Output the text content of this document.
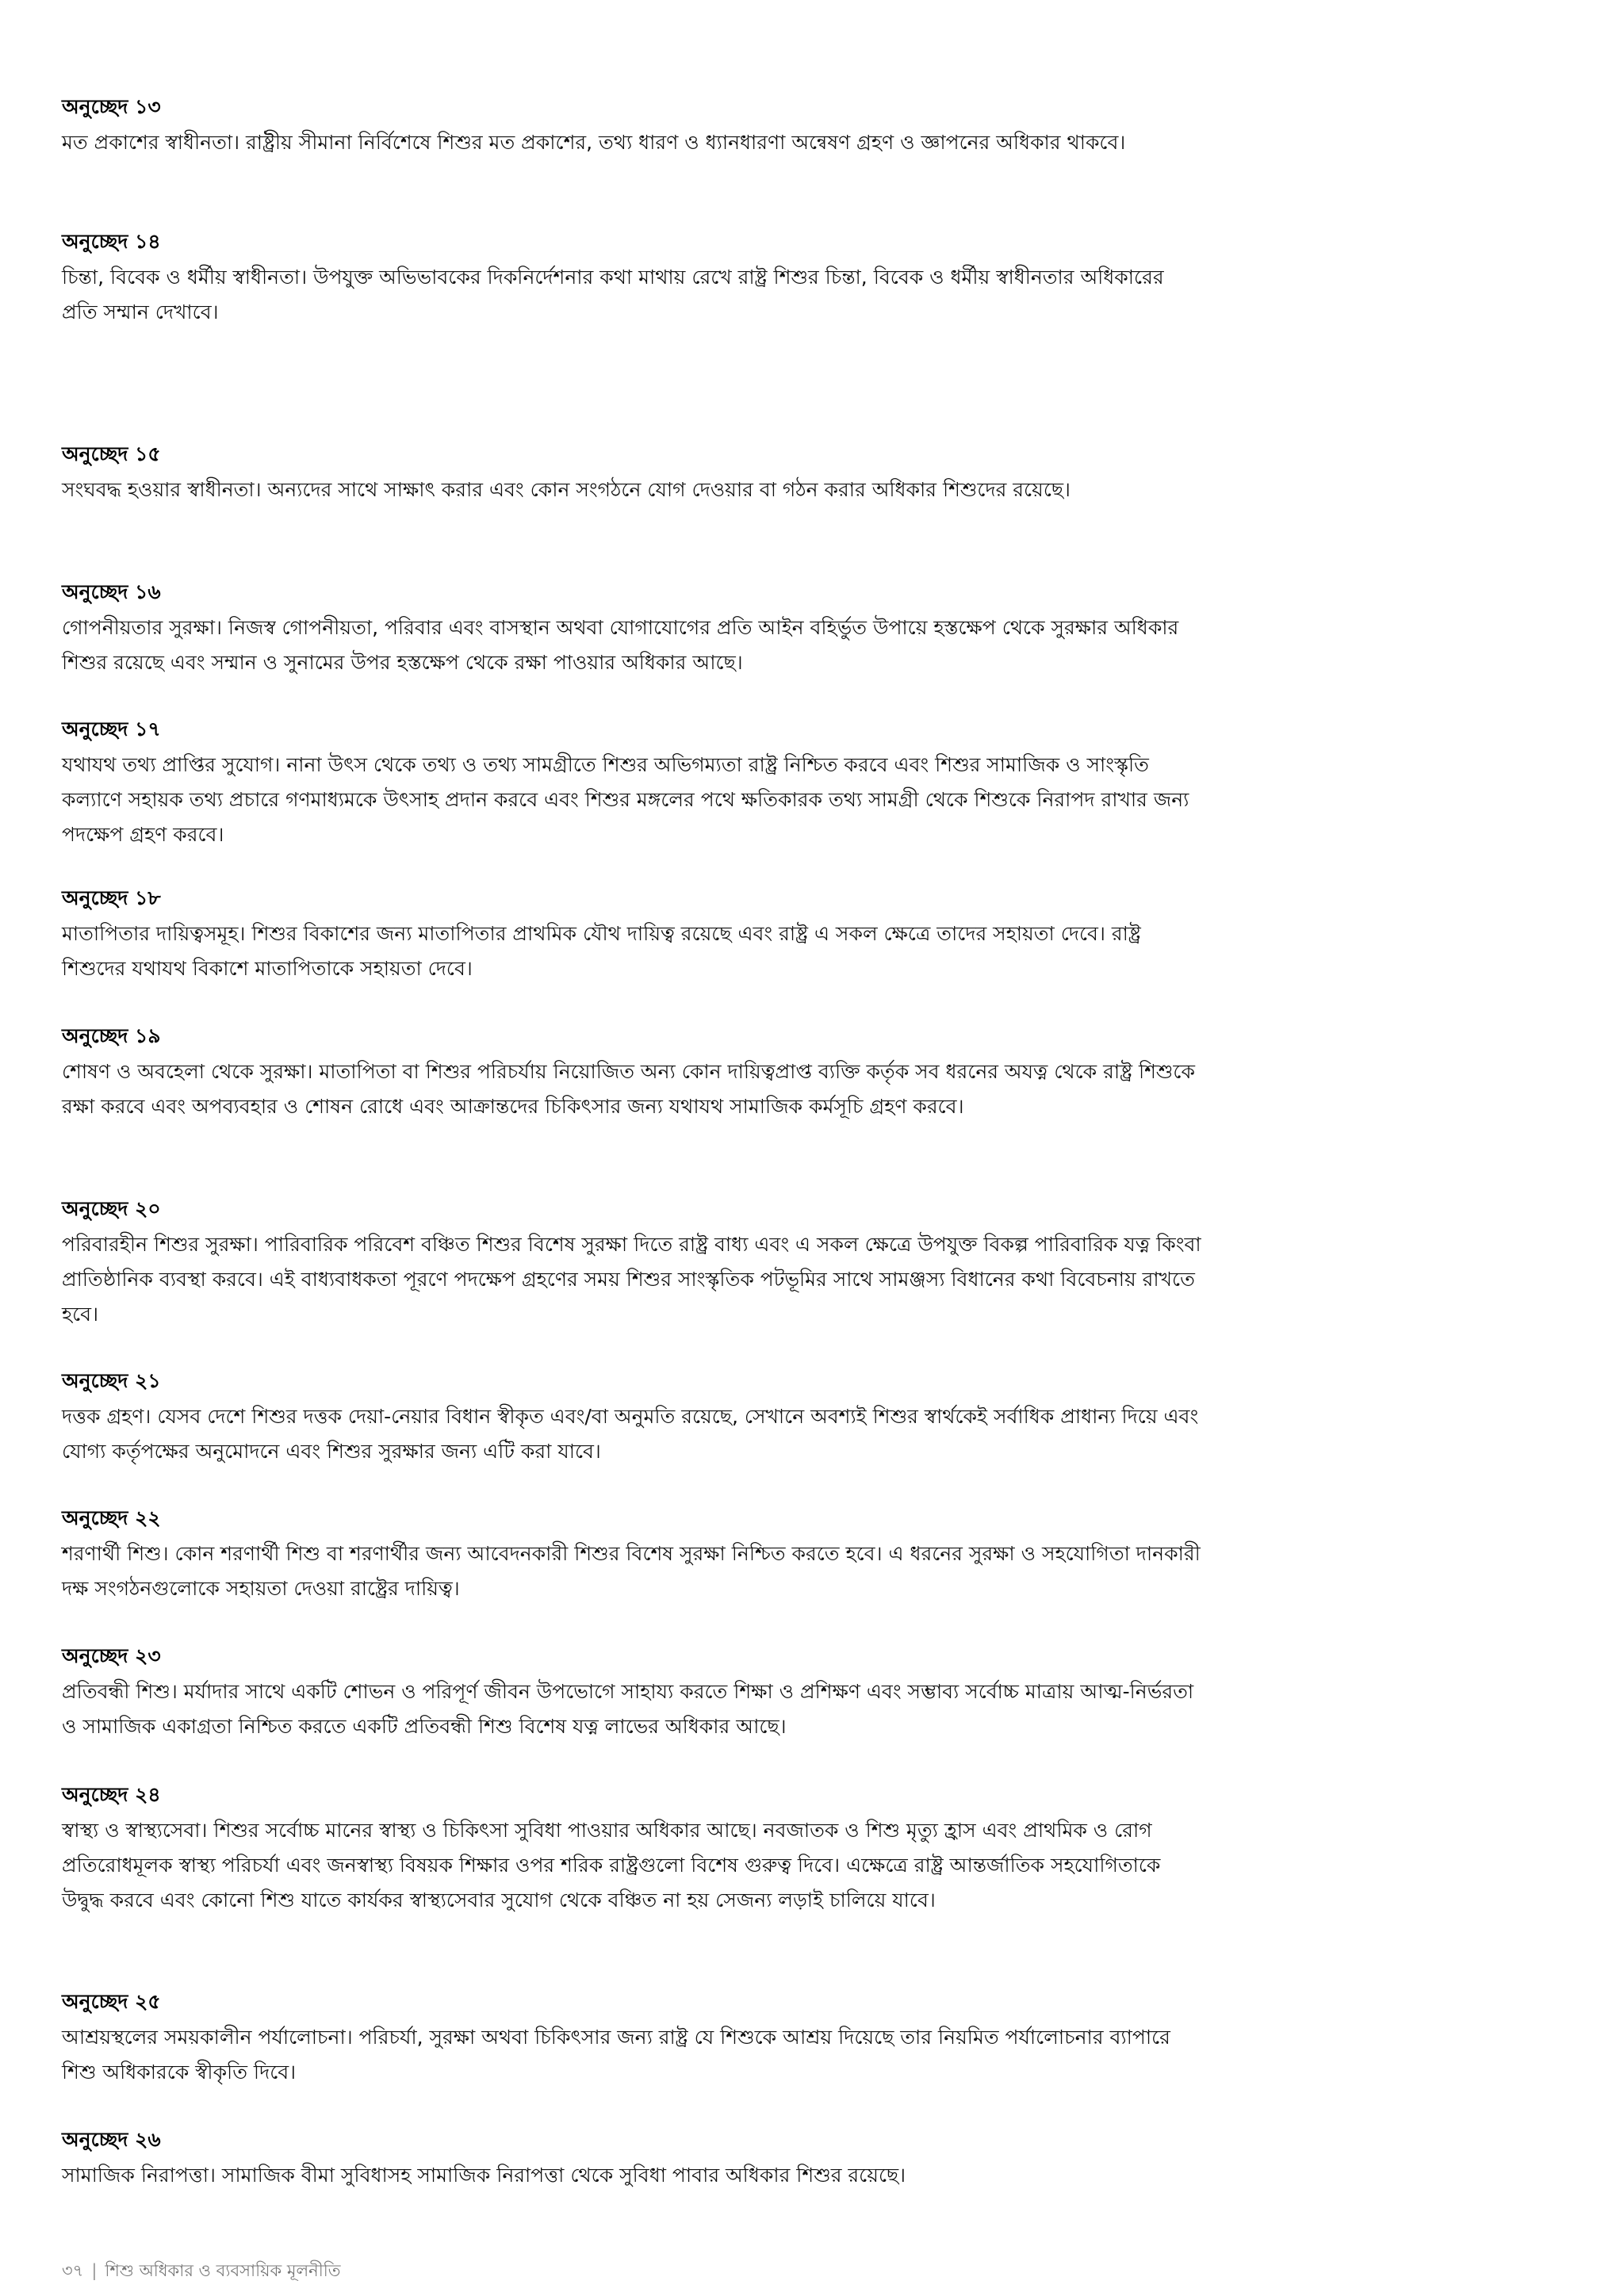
অনুচ্ছেদ ১৩

মত প্রকাশের স্বাধীনতা। রাষ্ট্রীয় সীমানা নির্বিশেষে শিশুর মত প্রকাশের, তথ্য ধারণ ও ধ্যানধারণা অন্বেষণ গ্রহণ ও জ্ঞাপনের অধিকার থাকবে।

অনুচ্ছেদ ১৪

চিন্তা, বিবেক ও ধর্মীয় স্বাধীনতা। উপযুক্ত অভিভাবকের দিকনির্দেশনার কথা মাথায় রেখে রাষ্ট্র শিশুর চিন্তা, বিবেক ও ধর্মীয় স্বাধীনতার অধিকারের প্রতি সম্মান দেখাবে।

অনুচ্ছেদ ১৫

সংঘবদ্ধ হওয়ার স্বাধীনতা। অন্যদের সাথে সাক্ষাৎ করার এবং কোন সংগঠনে যোগ দেওয়ার বা গঠন করার অধিকার শিশুদের রয়েছে।

অনুচ্ছেদ ১৬

গোপনীয়তার সুরক্ষা। নিজস্ব গোপনীয়তা, পরিবার এবং বাসস্থান অথবা যোগাযোগের প্রতি আইন বহির্ভুত উপায়ে হস্তক্ষেপ থেকে সুরক্ষার অধিকার শিশুর রয়েছে এবং সম্মান ও সুনামের উপর হস্তক্ষেপ থেকে রক্ষা পাওয়ার অধিকার আছে।

অনুচ্ছেদ ১৭

যথাযথ তথ্য প্রাপ্তির সুযোগ। নানা উৎস থেকে তথ্য ও তথ্য সামগ্রীতে শিশুর অভিগম্যতা রাষ্ট্র নিশ্চিত করবে এবং শিশুর সামাজিক ও সাংস্কৃতি কল্যাণে সহায়ক তথ্য প্রচারে গণমাধ্যমকে উৎসাহ প্রদান করবে এবং শিশুর মঙ্গলের পথে ক্ষতিকারক তথ্য সামগ্রী থেকে শিশুকে নিরাপদ রাখার জন্য পদক্ষেপ গ্রহণ করবে।

অনুচ্ছেদ ১৮

মাতাপিতার দায়িত্বসমূহ। শিশুর বিকাশের জন্য মাতাপিতার প্রাথমিক যৌথ দায়িত্ব রয়েছে এবং রাষ্ট্র এ সকল ক্ষেত্রে তাদের সহায়তা দেবে। রাষ্ট্র শিশুদের যথাযথ বিকাশে মাতাপিতাকে সহায়তা দেবে।

অনুচ্ছেদ ১৯

শোষণ ও অবহেলা থেকে সুরক্ষা। মাতাপিতা বা শিশুর পরিচর্যায় নিয়োজিত অন্য কোন দায়িত্বপ্রাপ্ত ব্যক্তি কর্তৃক সব ধরনের অযত্ন থেকে রাষ্ট্র শিশুকে রক্ষা করবে এবং অপব্যবহার ও শোষন রোধে এবং আক্রান্তদের চিকিৎসার জন্য যথাযথ সামাজিক কর্মসূচি গ্রহণ করবে।

অনুচ্ছেদ ২০

পরিবারহীন শিশুর সুরক্ষা। পারিবারিক পরিবেশ বঞ্চিত শিশুর বিশেষ সুরক্ষা দিতে রাষ্ট্র বাধ্য এবং এ সকল ক্ষেত্রে উপযুক্ত বিকল্প পারিবারিক যত্ন কিংবা প্রাতিষ্ঠানিক ব্যবস্থা করবে। এই বাধ্যবাধকতা পূরণে পদক্ষেপ গ্রহণের সময় শিশুর সাংস্কৃতিক পটভূমির সাথে সামঞ্জস্য বিধানের কথা বিবেচনায় রাখতে হবে।

অনুচ্ছেদ ২১

দত্তক গ্রহণ। যেসব দেশে শিশুর দত্তক দেয়া-নেয়ার বিধান স্বীকৃত এবং/বা অনুমতি রয়েছে, সেখানে অবশ্যই শিশুর স্বার্থকেই সর্বাধিক প্রাধান্য দিয়ে এবং যোগ্য কর্তৃপক্ষের অনুমোদনে এবং শিশুর সুরক্ষার জন্য এটি করা যাবে।

অনুচ্ছেদ ২২

শরণার্থী শিশু। কোন শরণার্থী শিশু বা শরণার্থীর জন্য আবেদনকারী শিশুর বিশেষ সুরক্ষা নিশ্চিত করতে হবে। এ ধরনের সুরক্ষা ও সহযোগিতা দানকারী দক্ষ সংগঠনগুলোকে সহায়তা দেওয়া রাষ্ট্রের দায়িত্ব।

অনুচ্ছেদ ২৩

প্রতিবন্ধী শিশু। মর্যাদার সাথে একটি শোভন ও পরিপূর্ণ জীবন উপভোগে সাহায্য করতে শিক্ষা ও প্রশিক্ষণ এবং সম্ভাব্য সর্বোচ্চ মাত্রায় আত্ম-নির্ভরতা ও সামাজিক একাগ্রতা নিশ্চিত করতে একটি প্রতিবন্ধী শিশু বিশেষ যত্ন লাভের অধিকার আছে।

অনুচ্ছেদ ২৪

স্বাস্থ্য ও স্বাস্থ্যসেবা। শিশুর সর্বোচ্চ মানের স্বাস্থ্য ও চিকিৎসা সুবিধা পাওয়ার অধিকার আছে। নবজাতক ও শিশু মৃত্যু হ্রাস এবং প্রাথমিক ও রোগ প্রতিরোধমূলক স্বাস্থ্য পরিচর্যা এবং জনস্বাস্থ্য বিষয়ক শিক্ষার ওপর শরিক রাষ্ট্রগুলো বিশেষ গুরুত্ব দিবে। এক্ষেত্রে রাষ্ট্র আন্তর্জাতিক সহযোগিতাকে উদ্বুদ্ধ করবে এবং কোনো শিশু যাতে কার্যকর স্বাস্থ্যসেবার সুযোগ থেকে বঞ্চিত না হয় সেজন্য লড়াই চালিয়ে যাবে।

অনুচ্ছেদ ২৫

আশ্রয়স্থলের সময়কালীন পর্যালোচনা। পরিচর্যা, সুরক্ষা অথবা চিকিৎসার জন্য রাষ্ট্র যে শিশুকে আশ্রয় দিয়েছে তার নিয়মিত পর্যালোচনার ব্যাপারে শিশু অধিকারকে স্বীকৃতি দিবে।

অনুচ্ছেদ ২৬

সামাজিক নিরাপত্তা। সামাজিক বীমা সুবিধাসহ সামাজিক নিরাপত্তা থেকে সুবিধা পাবার অধিকার শিশুর রয়েছে।

৩৭ | শিশু অধিকার ও ব্যবসায়িক মূলনীতি
